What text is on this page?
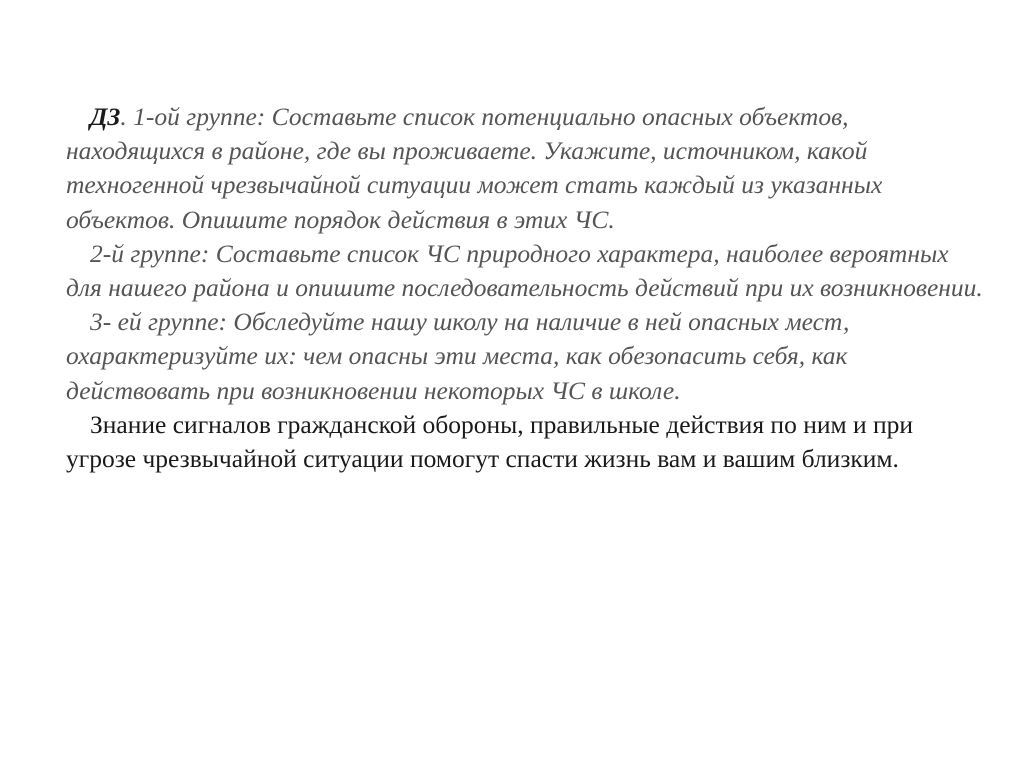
ДЗ. 1-ой группе: Составьте список потенциально опасных объектов, находящихся в районе, где вы проживаете. Укажите, источником, какой техногенной чрезвычайной ситуации может стать каждый из указанных объектов. Опишите порядок действия в этих ЧС.

2-й группе: Составьте список ЧС природного характера, наиболее вероятных для нашего района и опишите последовательность действий при их возникновении.

3- ей группе: Обследуйте нашу школу на наличие в ней опасных мест, охарактеризуйте их: чем опасны эти места, как обезопасить себя, как действовать при возникновении некоторых ЧС в школе.

Знание сигналов гражданской обороны, правильные действия по ним и при угрозе чрезвычайной ситуации помогут спасти жизнь вам и вашим близким.
